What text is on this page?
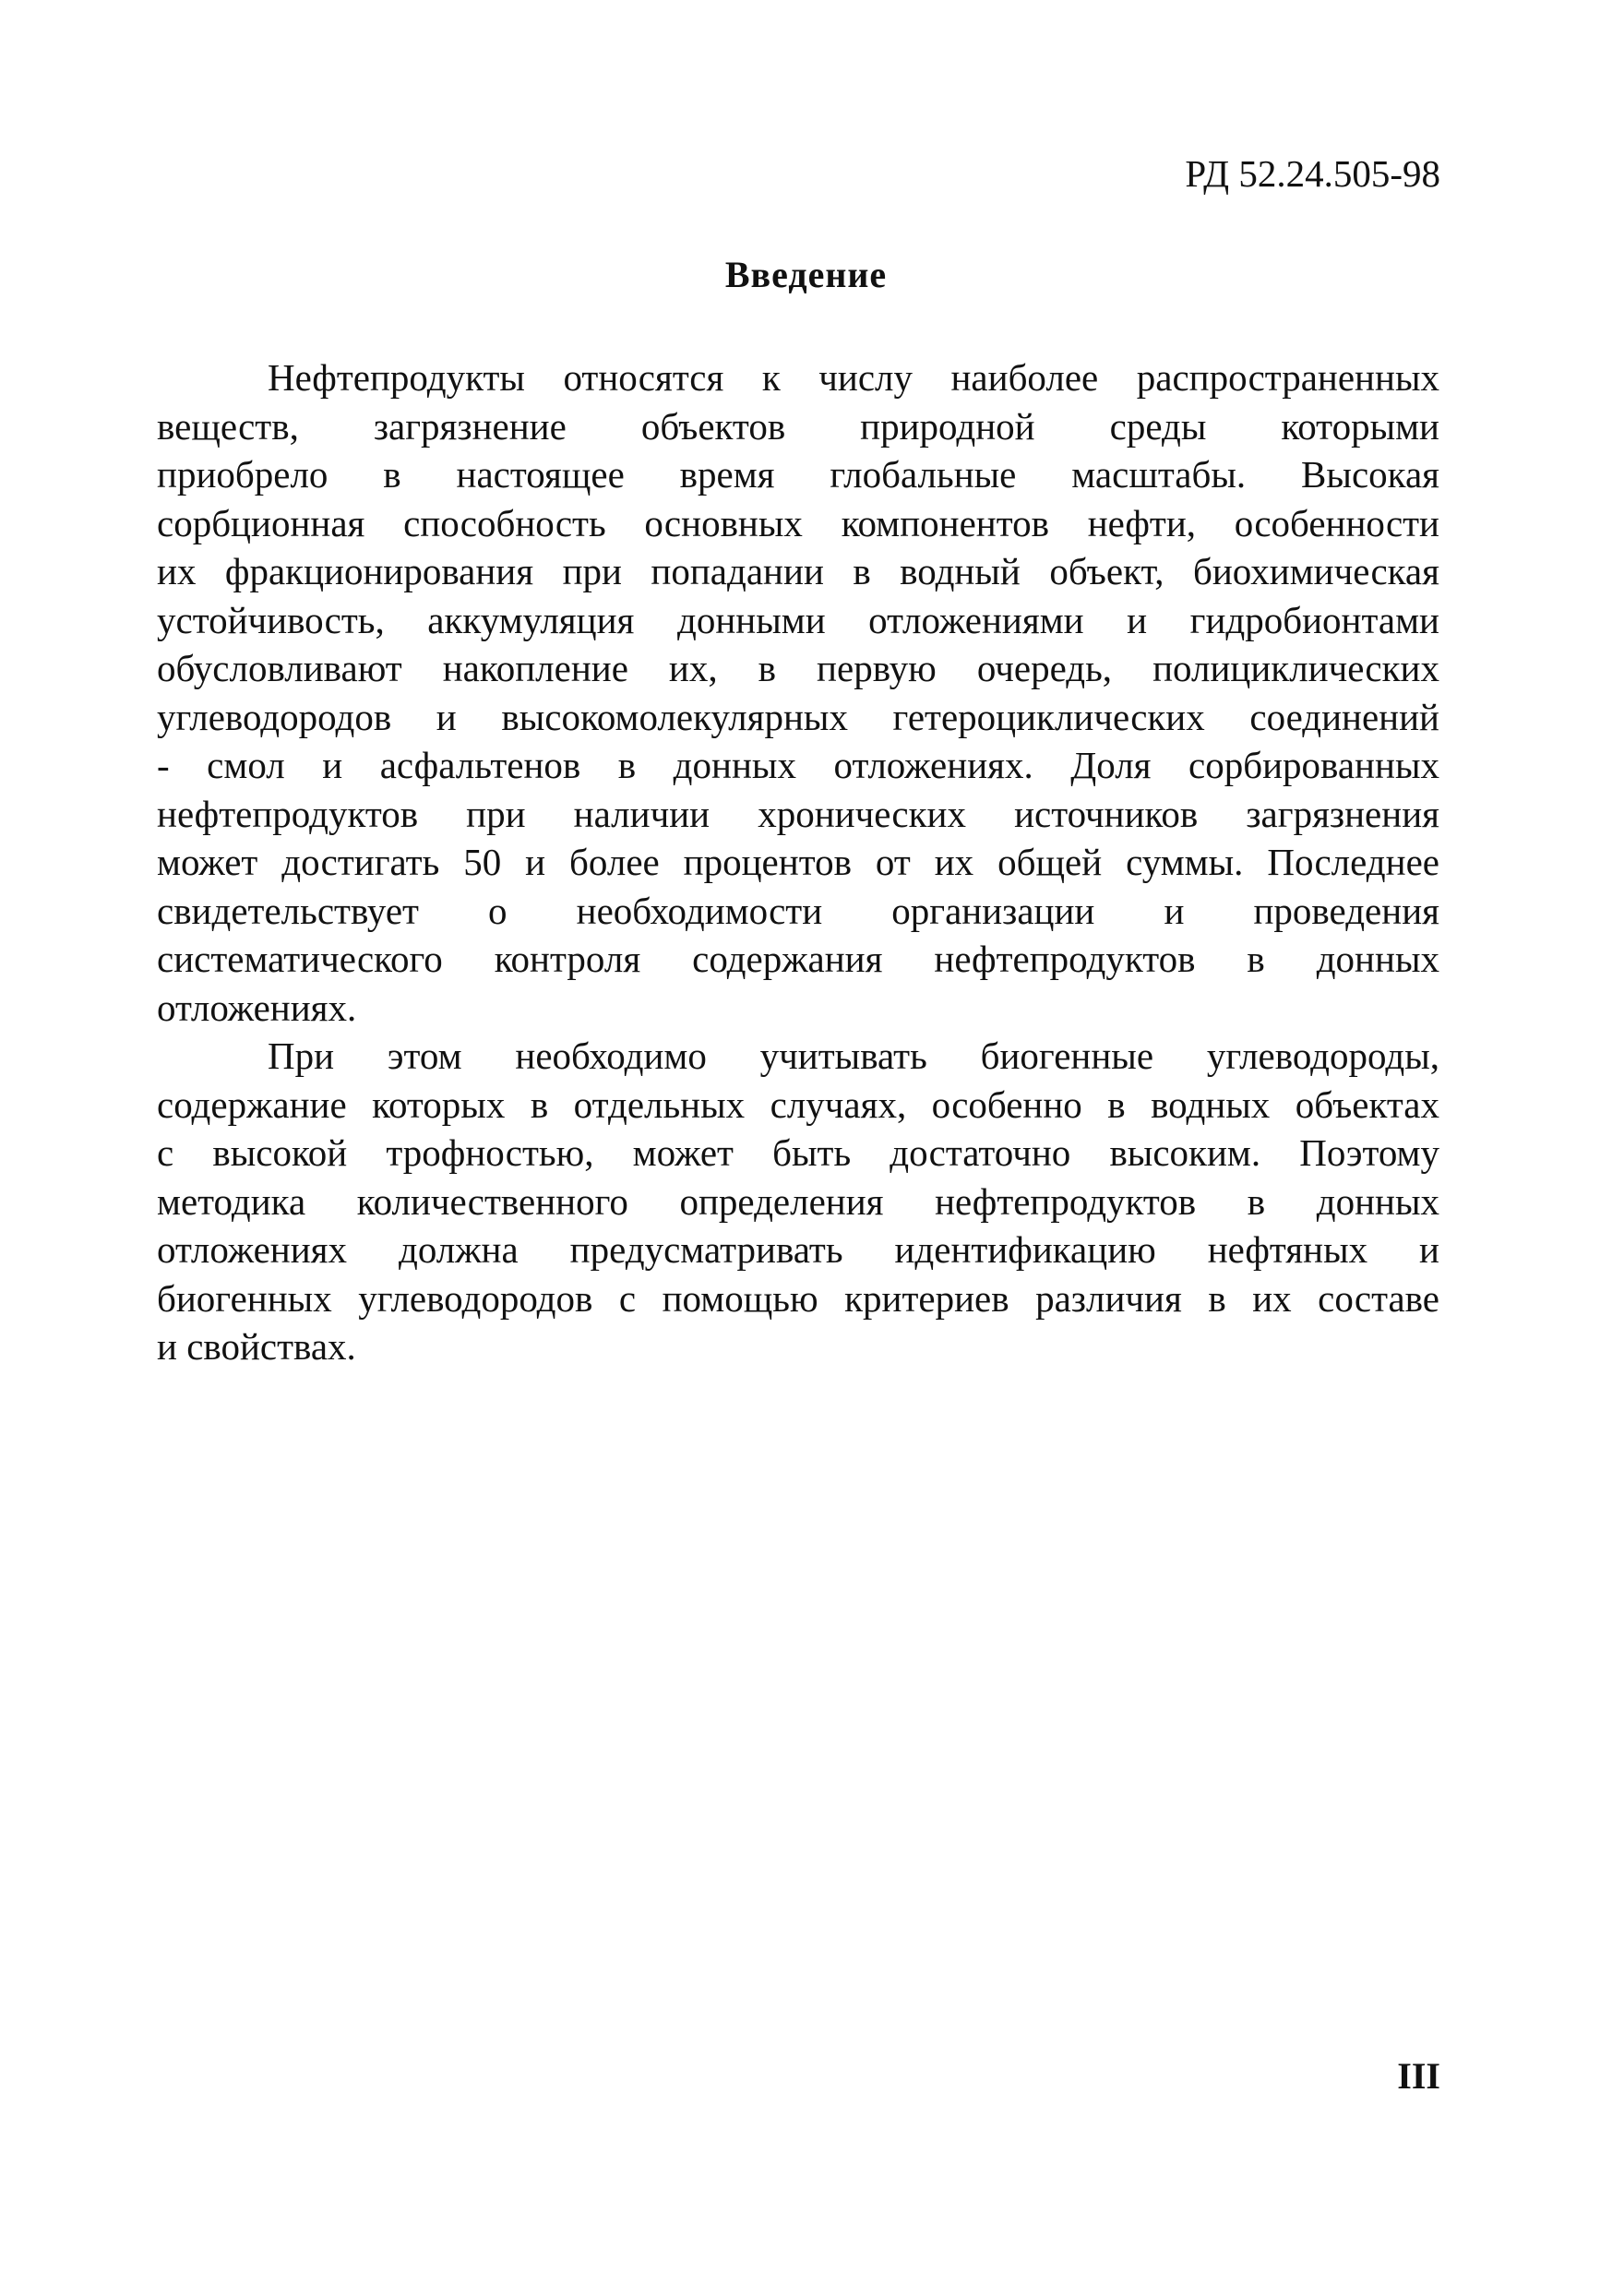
РД 52.24.505-98
Введение
Нефтепродукты относятся к числу наиболее распространенных
веществ, загрязнение объектов природной среды которыми
приобрело в настоящее время глобальные масштабы. Высокая
сорбционная способность основных компонентов нефти, особенности
их фракционирования при попадании в водный объект, биохимическая
устойчивость, аккумуляция донными отложениями и гидробионтами
обусловливают накопление их, в первую очередь, полициклических
углеводородов и высокомолекулярных гетероциклических соединений
- смол и асфальтенов в донных отложениях. Доля сорбированных
нефтепродуктов при наличии хронических источников загрязнения
может достигать 50 и более процентов от их общей суммы. Последнее
свидетельствует о необходимости организации и проведения
систематического контроля содержания нефтепродуктов в донных
отложениях.
При этом необходимо учитывать биогенные углеводороды,
содержание которых в отдельных случаях, особенно в водных объектах
с высокой трофностью, может быть достаточно высоким. Поэтому
методика количественного определения нефтепродуктов в донных
отложениях должна предусматривать идентификацию нефтяных и
биогенных углеводородов с помощью критериев различия в их составе
и свойствах.
III
